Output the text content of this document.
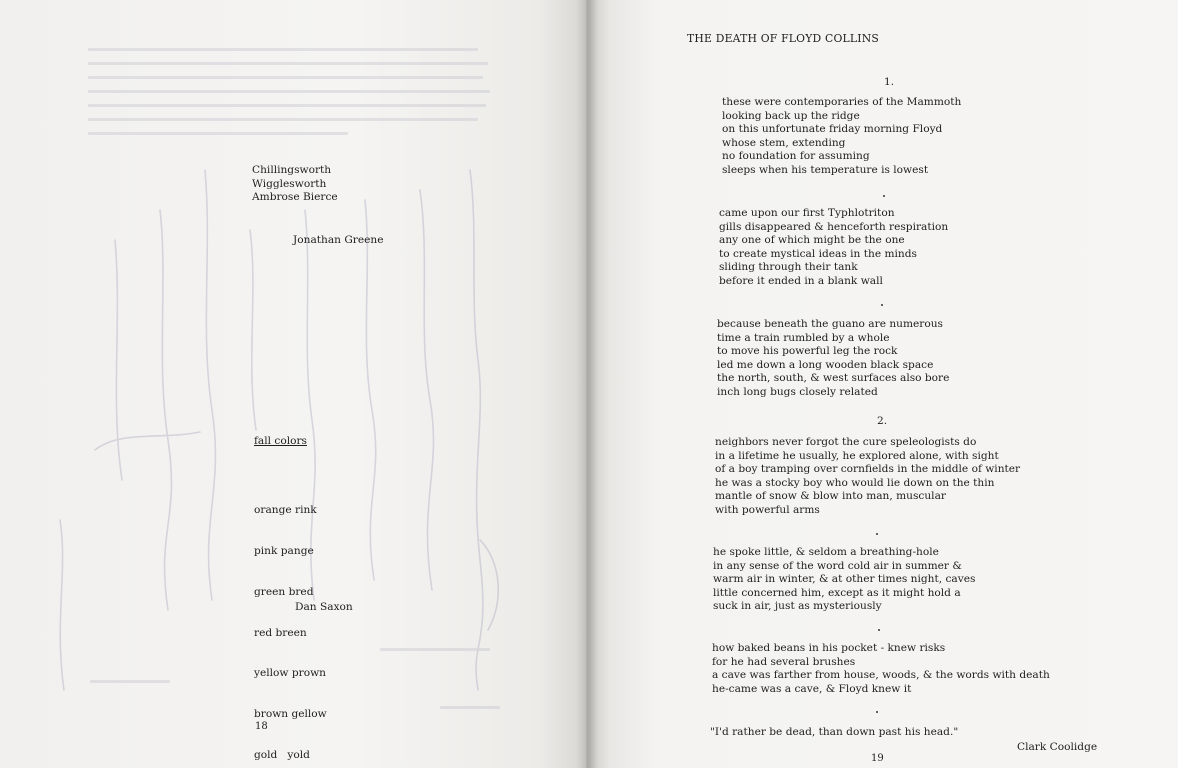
Chillingsworth
Wigglesworth
Ambrose Bierce

Jonathan Greene

fall colors

orange rink

pink pange

green bred

red breen

yellow prown

brown gellow

gold   yold

Dan Saxon

18

THE DEATH OF FLOYD COLLINS

1.

these were contemporaries of the Mammoth
looking back up the ridge
on this unfortunate friday morning Floyd
whose stem, extending
no foundation for assuming
sleeps when his temperature is lowest
came upon our first Typhlotriton
gills disappeared & henceforth respiration
any one of which might be the one
to create mystical ideas in the minds
sliding through their tank
before it ended in a blank wall
because beneath the guano are numerous
time a train rumbled by a whole
to move his powerful leg the rock
led me down a long wooden black space
the north, south, & west surfaces also bore
inch long bugs closely related

2.

neighbors never forgot the cure speleologists do
in a lifetime he usually, he explored alone, with sight
of a boy tramping over cornfields in the middle of winter
he was a stocky boy who would lie down on the thin
mantle of snow & blow into man, muscular
with powerful arms
he spoke little, & seldom a breathing-hole
in any sense of the word cold air in summer &
warm air in winter, & at other times night, caves
little concerned him, except as it might hold a
suck in air, just as mysteriously
how baked beans in his pocket - knew risks
for he had several brushes
a cave was farther from house, woods, & the words with death
he-came was a cave, & Floyd knew it

"I'd rather be dead, than down past his head."

Clark Coolidge

19
